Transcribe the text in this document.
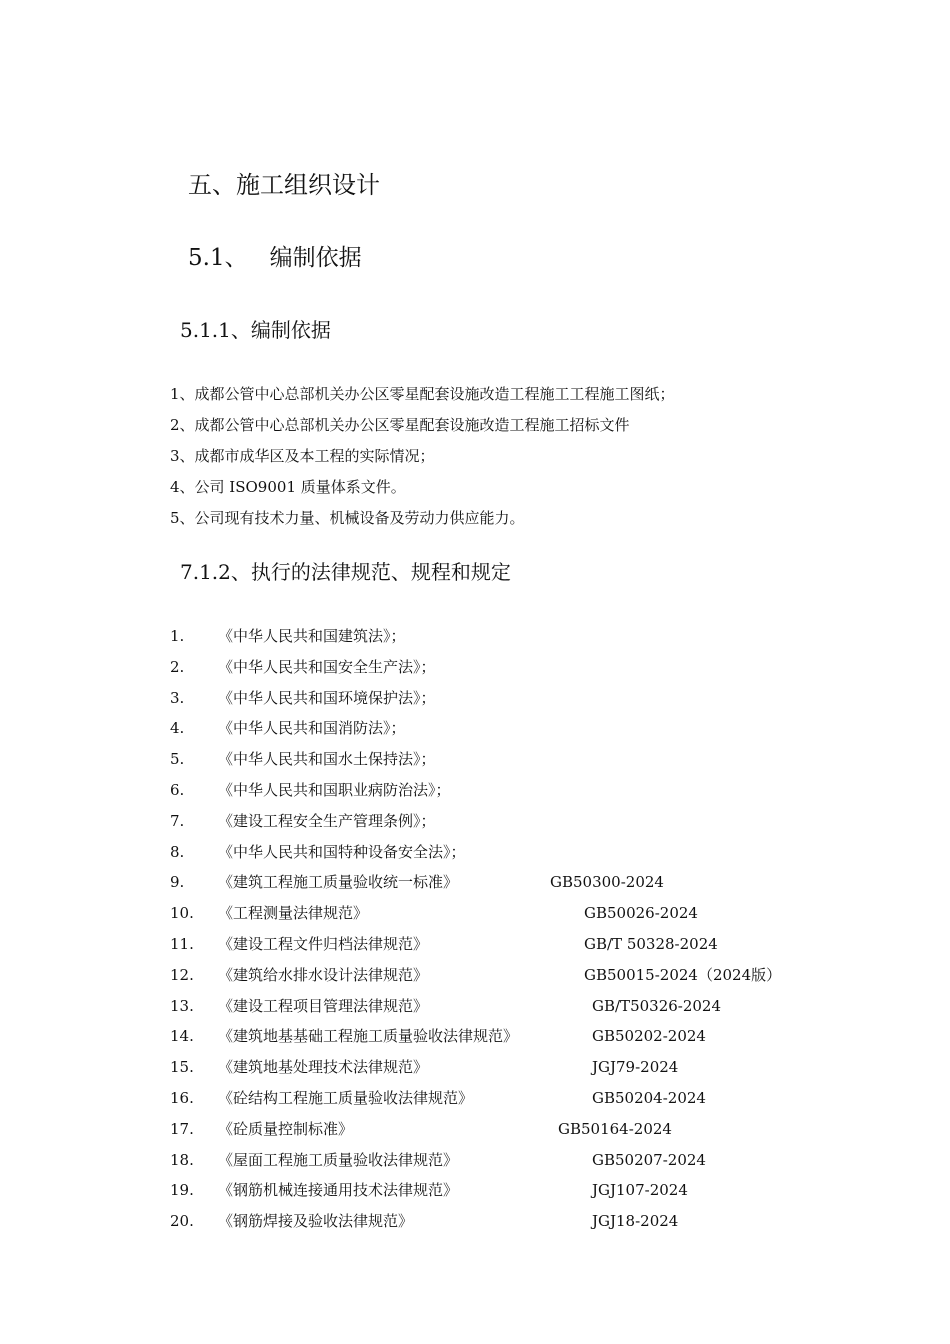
五、施工组织设计
5.1、 编制依据
5.1.1、编制依据
1、成都公管中心总部机关办公区零星配套设施改造工程施工工程施工图纸；
2、成都公管中心总部机关办公区零星配套设施改造工程施工招标文件
3、成都市成华区及本工程的实际情况；
4、公司 ISO9001 质量体系文件。
5、公司现有技术力量、机械设备及劳动力供应能力。
7.1.2、执行的法律规范、规程和规定
1. 《中华人民共和国建筑法》；
2. 《中华人民共和国安全生产法》；
3. 《中华人民共和国环境保护法》；
4. 《中华人民共和国消防法》；
5. 《中华人民共和国水土保持法》；
6. 《中华人民共和国职业病防治法》；
7. 《建设工程安全生产管理条例》；
8. 《中华人民共和国特种设备安全法》；
9. 《建筑工程施工质量验收统一标准》	GB50300-2024
10. 《工程测量法律规范》	GB50026-2024
11. 《建设工程文件归档法律规范》	GB/T 50328-2024
12. 《建筑给水排水设计法律规范》	GB50015-2024（2024版）
13. 《建设工程项目管理法律规范》	GB/T50326-2024
14. 《建筑地基基础工程施工质量验收法律规范》	GB50202-2024
15. 《建筑地基处理技术法律规范》	JGJ79-2024
16. 《砼结构工程施工质量验收法律规范》	GB50204-2024
17. 《砼质量控制标准》	GB50164-2024
18. 《屋面工程施工质量验收法律规范》	GB50207-2024
19. 《钢筋机械连接通用技术法律规范》	JGJ107-2024
20. 《钢筋焊接及验收法律规范》	JGJ18-2024
